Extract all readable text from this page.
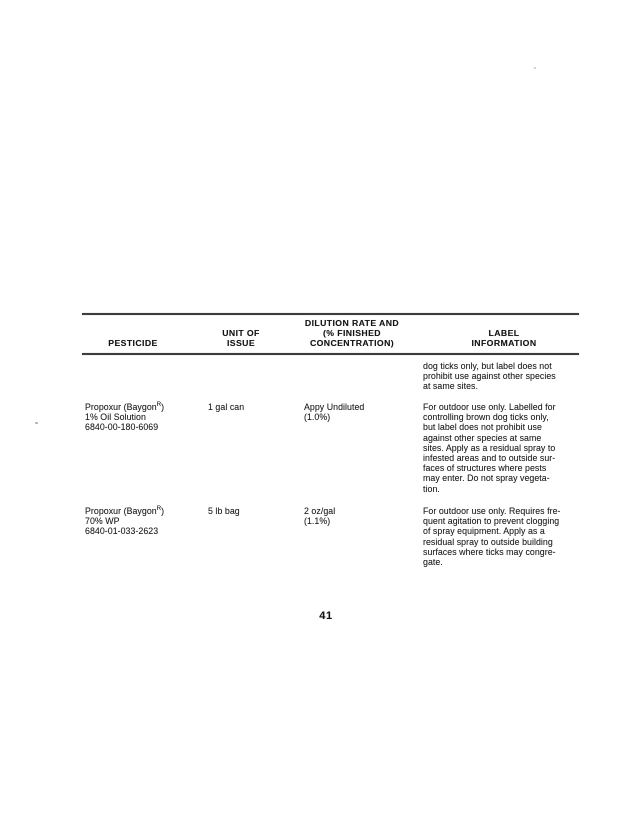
PESTICIDE
UNIT OF
ISSUE
DILUTION RATE AND
(% FINISHED
CONCENTRATION)
LABEL
INFORMATION
dog ticks only, but label does not
prohibit use against other species
at same sites.
Propoxur (Baygon$^R$)
1% Oil Solution
6840-00-180-6069
1 gal can	Appy Undiluted
(1.0%)
For outdoor use only. Labelled for
controlling brown dog ticks only,
but label does not prohibit use
against other species at same
sites. Apply as a residual spray to
infested areas and to outside sur-
faces of structures where pests
may enter. Do not spray vegeta-
tion.
Propoxur (Baygon$^R$)
70% WP
6840-01-033-2623
5 lb bag	2 oz/gal
(1.1%)
For outdoor use only. Requires fre-
quent agitation to prevent clogging
of spray equipment. Apply as a
residual spray to outside building
surfaces where ticks may congre-
gate.
41
